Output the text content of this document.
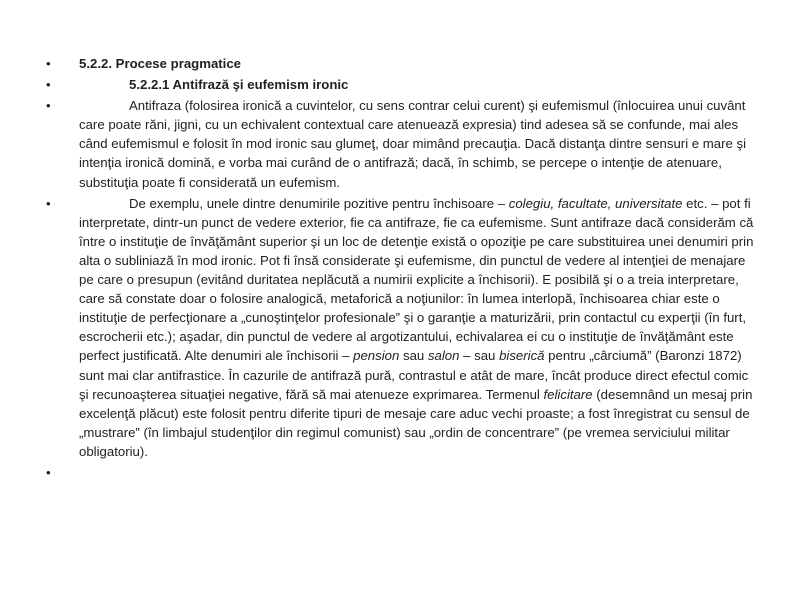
•	5.2.2. Procese pragmatice
•	5.2.2.1 Antifrază şi eufemism ironic
•	Antifraza (folosirea ironică a cuvintelor, cu sens contrar celui curent) şi eufemismul (înlocuirea unui cuvânt care poate răni, jigni, cu un echivalent contextual care atenuează expresia) tind adesea să se confunde, mai ales când eufemismul e folosit în mod ironic sau glumeţ, doar mimând precauţia. Dacă distanţa dintre sensuri e mare şi intenţia ironică domină, e vorba mai curând de o antifrază; dacă, în schimb, se percepe o intenţie de atenuare, substituţia poate fi considerată un eufemism.
•	De exemplu, unele dintre denumirile pozitive pentru închisoare – colegiu, facultate, universitate etc. – pot fi interpretate, dintr-un punct de vedere exterior, fie ca antifraze, fie ca eufemisme. Sunt antifraze dacă considerăm că între o instituţie de învăţământ superior şi un loc de detenţie există o opoziţie pe care substituirea unei denumiri prin alta o subliniază în mod ironic. Pot fi însă considerate şi eufemisme, din punctul de vedere al intenţiei de menajare pe care o presupun (evitând duritatea neplăcută a numirii explicite a închisorii). E posibilă şi o a treia interpretare, care să constate doar o folosire analogică, metaforică a noţiunilor: în lumea interlopă, închisoarea chiar este o instituţie de perfecţionare a „cunoştinţelor profesionale” şi o garanţie a maturizării, prin contactul cu experţii (în furt, escrocherii etc.); aşadar, din punctul de vedere al argotizantului, echivalarea ei cu o instituţie de învăţământ este perfect justificată. Alte denumiri ale închisorii – pension sau salon – sau biserică pentru „cârciumă” (Baronzi 1872) sunt mai clar antifrastice. În cazurile de antifrază pură, contrastul e atât de mare, încât produce direct efectul comic şi recunoaşterea situaţiei negative, fără să mai atenueze exprimarea. Termenul felicitare (desemnând un mesaj prin excelenţă plăcut) este folosit pentru diferite tipuri de mesaje care aduc vechi proaste; a fost înregistrat cu sensul de „mustrare” (în limbajul studenţilor din regimul comunist) sau „ordin de concentrare” (pe vremea serviciului militar obligatoriu).
•
